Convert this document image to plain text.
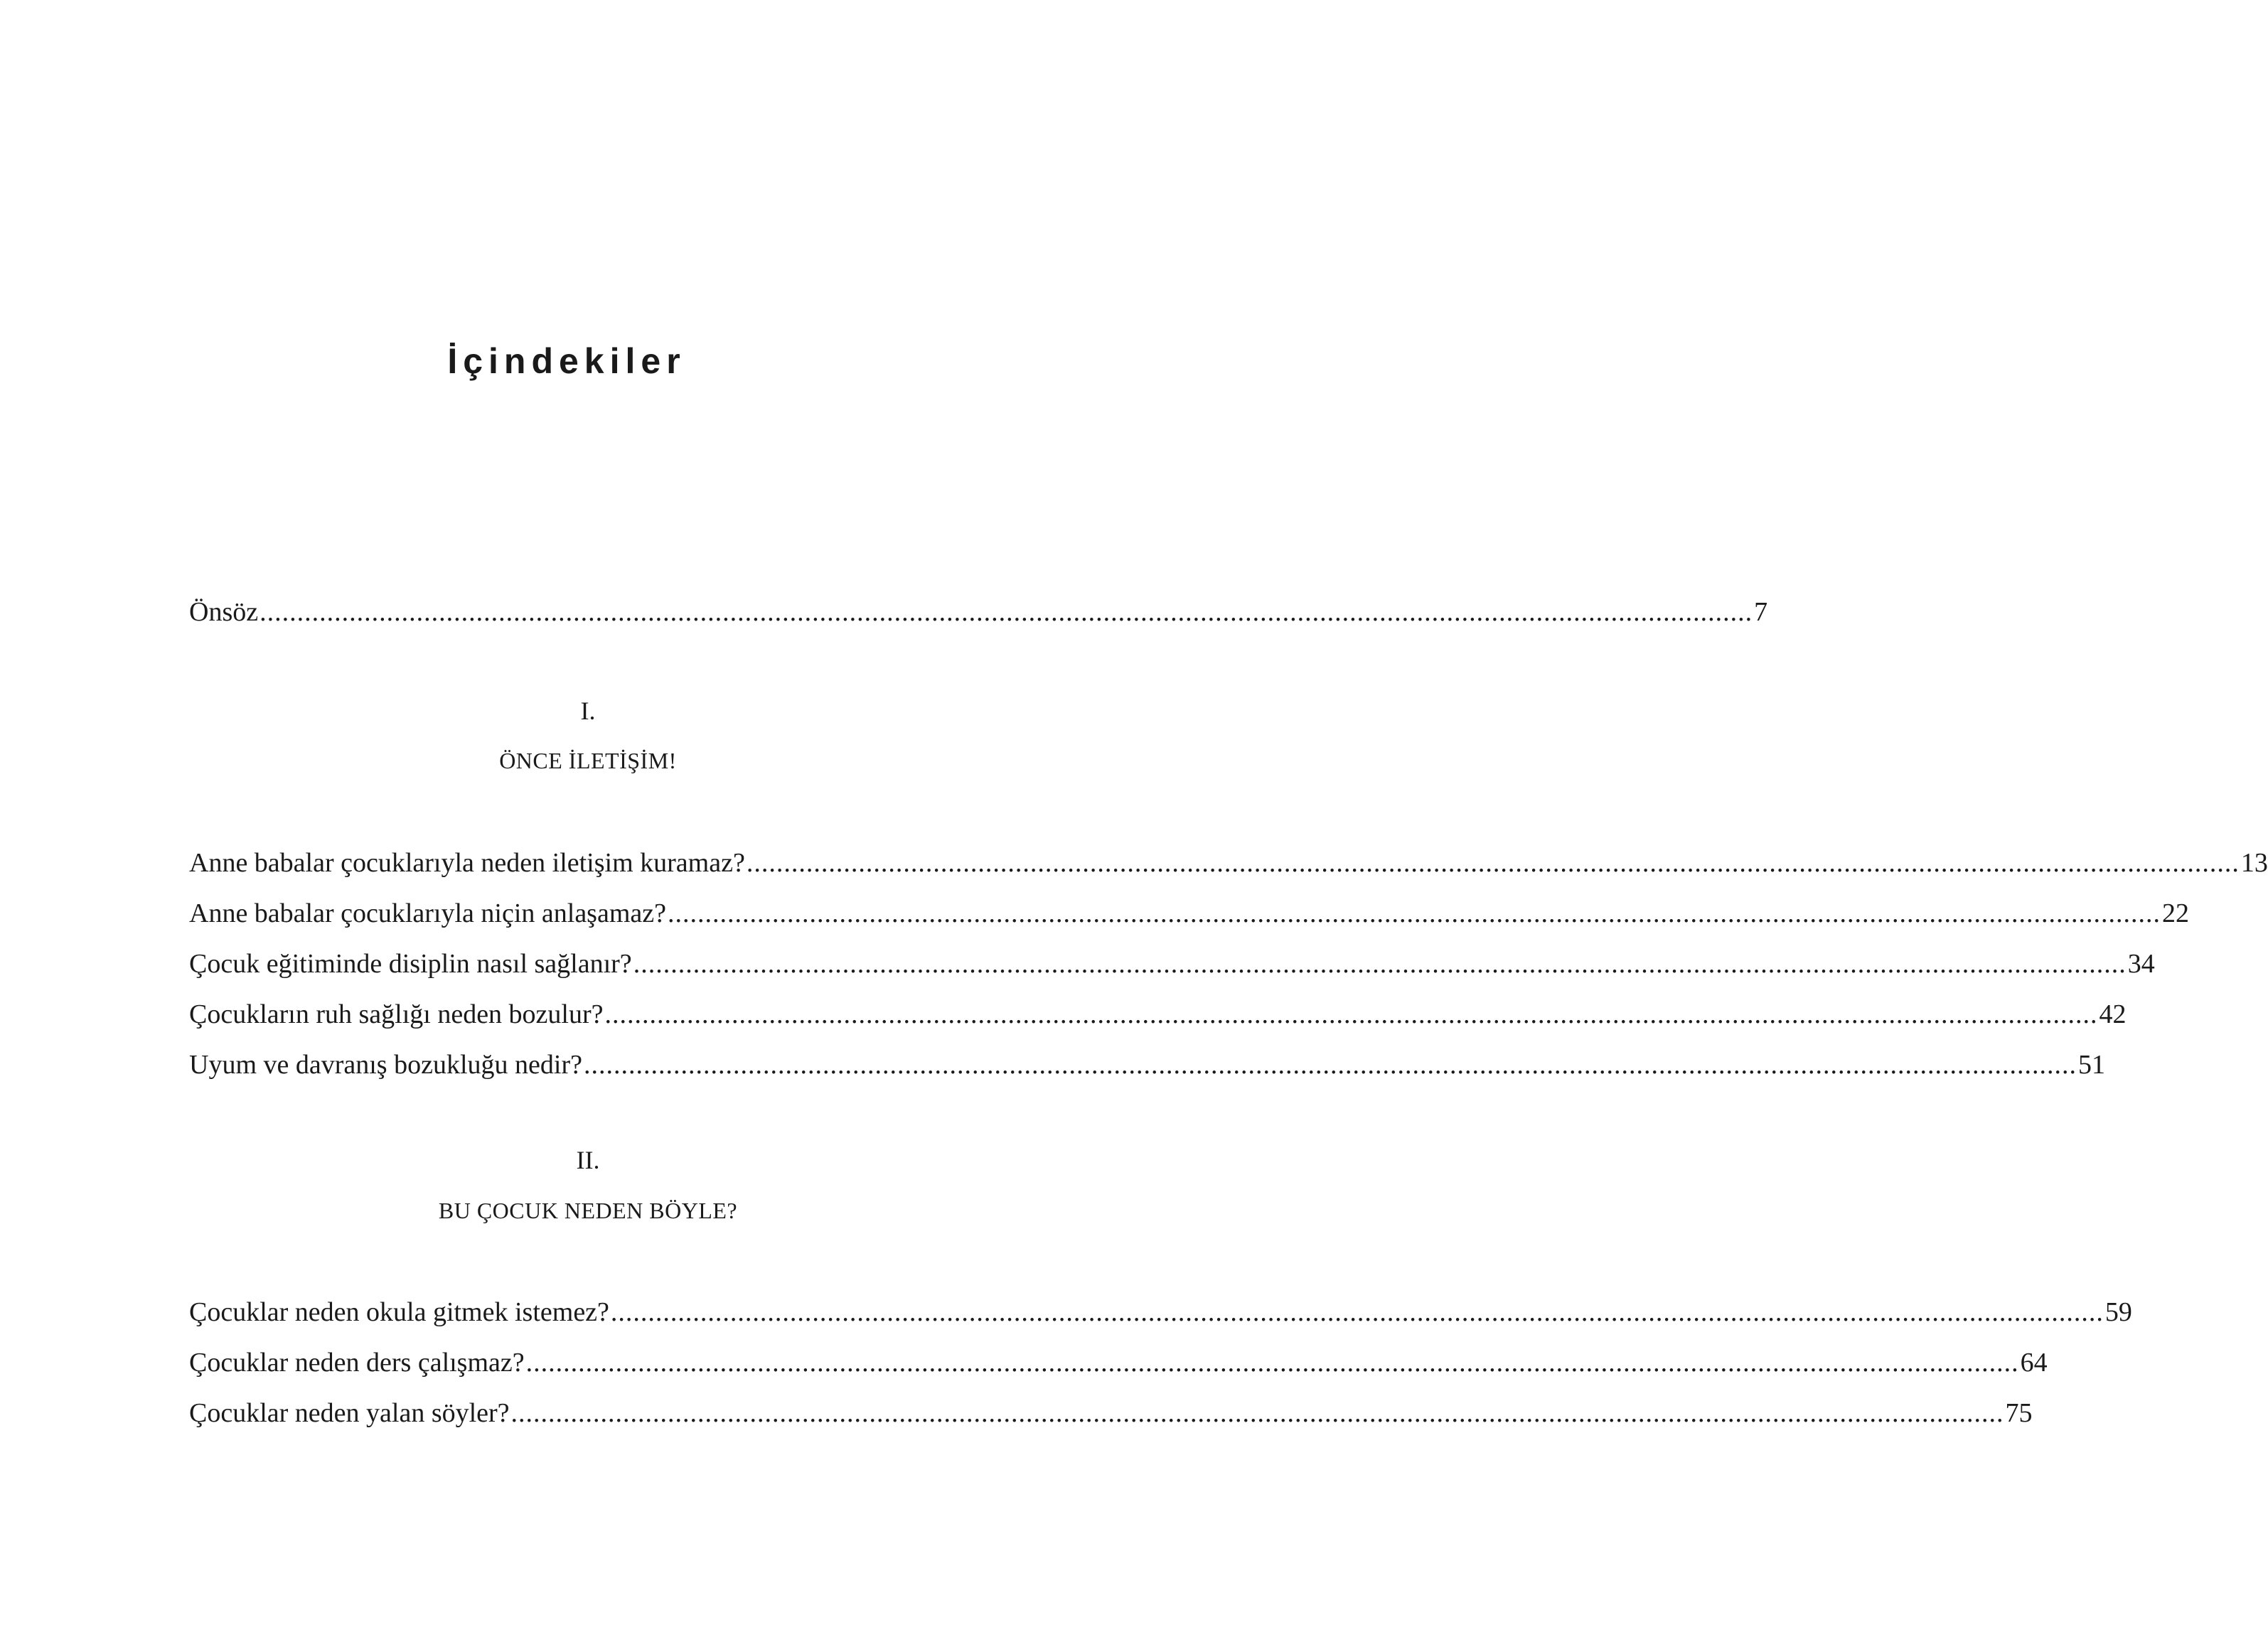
İçindekiler
Önsöz ........................................................................................................................................................................................................ 7
I.
ÖNCE İLETİŞİM!
Anne babalar çocuklarıyla neden iletişim kuramaz? ........................................................................................................................................................................................................ 13
Anne babalar çocuklarıyla niçin anlaşamaz? ........................................................................................................................................................................................................ 22
Çocuk eğitiminde disiplin nasıl sağlanır? ........................................................................................................................................................................................................ 34
Çocukların ruh sağlığı neden bozulur? ........................................................................................................................................................................................................ 42
Uyum ve davranış bozukluğu nedir? ........................................................................................................................................................................................................ 51
II.
BU ÇOCUK NEDEN BÖYLE?
Çocuklar neden okula gitmek istemez? ........................................................................................................................................................................................................ 59
Çocuklar neden ders çalışmaz? ........................................................................................................................................................................................................ 64
Çocuklar neden yalan söyler? ........................................................................................................................................................................................................ 75
